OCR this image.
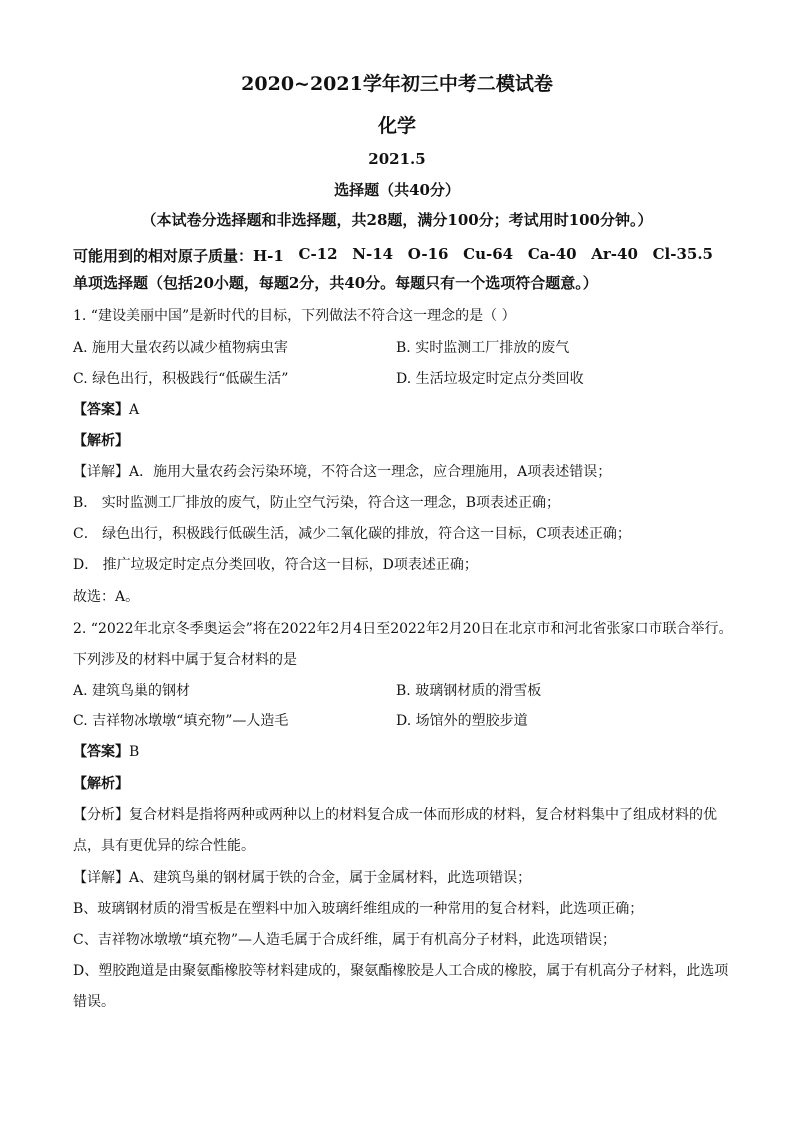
2020~2021学年初三中考二模试卷
化学
2021.5
选择题（共40分）
（本试卷分选择题和非选择题，共28题，满分100分；考试用时100分钟。）
可能用到的相对原子质量：H-1 C-12 N-14 O-16 Cu-64 Ca-40 Ar-40 Cl-35.5
单项选择题（包括20小题，每题2分，共40分。每题只有一个选项符合题意。）
1. “建设美丽中国”是新时代的目标，下列做法不符合这一理念的是（ ）
A. 施用大量农药以减少植物病虫害	B. 实时监测工厂排放的废气
C. 绿色出行，积极践行“低碳生活”	D. 生活垃圾定时定点分类回收
【答案】A
【解析】
【详解】A．施用大量农药会污染环境，不符合这一理念，应合理施用，A项表述错误；
B． 实时监测工厂排放的废气，防止空气污染，符合这一理念，B项表述正确；
C． 绿色出行，积极践行低碳生活，减少二氧化碳的排放，符合这一目标，C项表述正确；
D． 推广垃圾定时定点分类回收，符合这一目标，D项表述正确；
故选：A。
2. “2022年北京冬季奥运会”将在2022年2月4日至2022年2月20日在北京市和河北省张家口市联合举行。
下列涉及的材料中属于复合材料的是
A. 建筑鸟巢的钢材	B. 玻璃钢材质的滑雪板
C. 吉祥物冰墩墩“填充物”—人造毛	D. 场馆外的塑胶步道
【答案】B
【解析】
【分析】复合材料是指将两种或两种以上的材料复合成一体而形成的材料，复合材料集中了组成材料的优
点，具有更优异的综合性能。
【详解】A、建筑鸟巢的钢材属于铁的合金，属于金属材料，此选项错误；
B、玻璃钢材质的滑雪板是在塑料中加入玻璃纤维组成的一种常用的复合材料，此选项正确；
C、吉祥物冰墩墩“填充物”—人造毛属于合成纤维，属于有机高分子材料，此选项错误；
D、塑胶跑道是由聚氨酯橡胶等材料建成的，聚氨酯橡胶是人工合成的橡胶，属于有机高分子材料，此选项
错误。
